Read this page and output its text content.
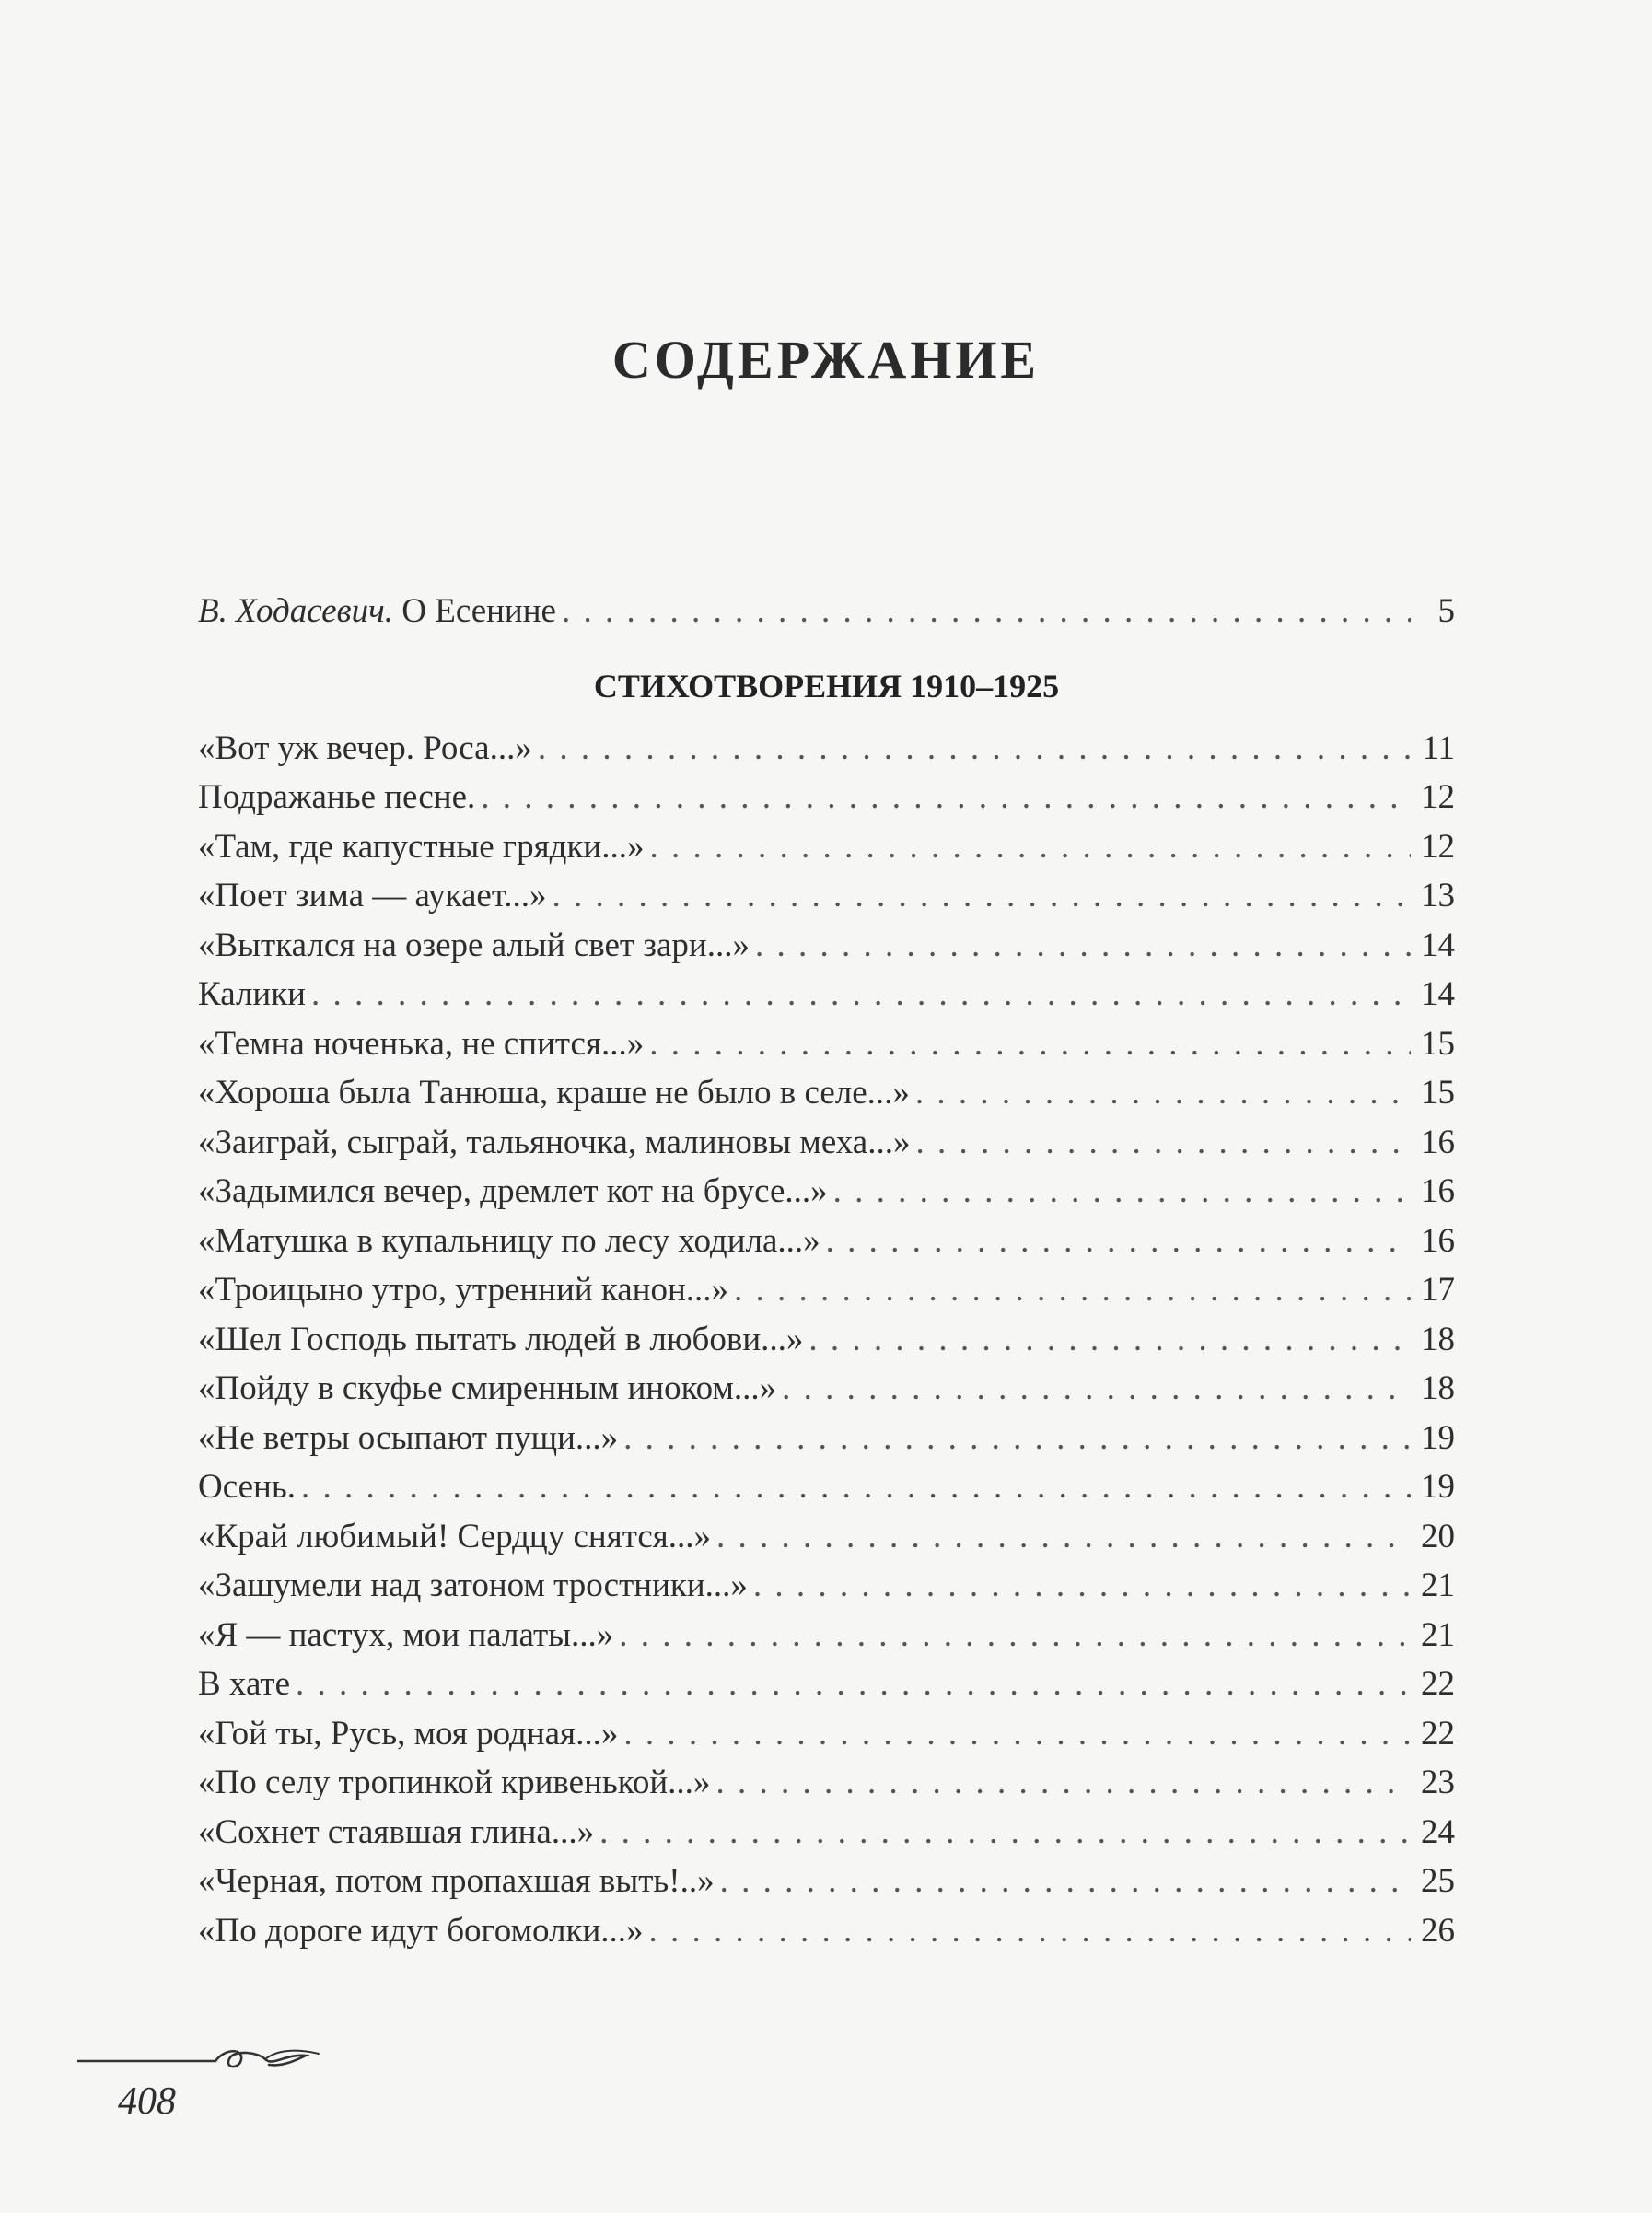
СОДЕРЖАНИЕ
В. Ходасевич. О Есенине . . .	5
СТИХОТВОРЕНИЯ 1910–1925
«Вот уж вечер. Роса...» . . .	11
Подражанье песне. . . .	12
«Там, где капустные грядки...» . . .	12
«Поет зима — аукает...» . . .	13
«Выткался на озере алый свет зари...» . . .	14
Калики . . .	14
«Темна ноченька, не спится...» . . .	15
«Хороша была Танюша, краше не было в селе...» . . .	15
«Заиграй, сыграй, тальяночка, малиновы меха...» . . .	16
«Задымился вечер, дремлет кот на брусе...» . . .	16
«Матушка в купальницу по лесу ходила...» . . .	16
«Троицыно утро, утренний канон...» . . .	17
«Шел Господь пытать людей в любови...» . . .	18
«Пойду в скуфье смиренным иноком...» . . .	18
«Не ветры осыпают пущи...» . . .	19
Осень. . . .	19
«Край любимый! Сердцу снятся...» . . .	20
«Зашумели над затоном тростники...» . . .	21
«Я — пастух, мои палаты...» . . .	21
В хате . . .	22
«Гой ты, Русь, моя родная...» . . .	22
«По селу тропинкой кривенькой...» . . .	23
«Сохнет стаявшая глина...» . . .	24
«Черная, потом пропахшая выть!..» . . .	25
«По дороге идут богомолки...» . . .	26
408
